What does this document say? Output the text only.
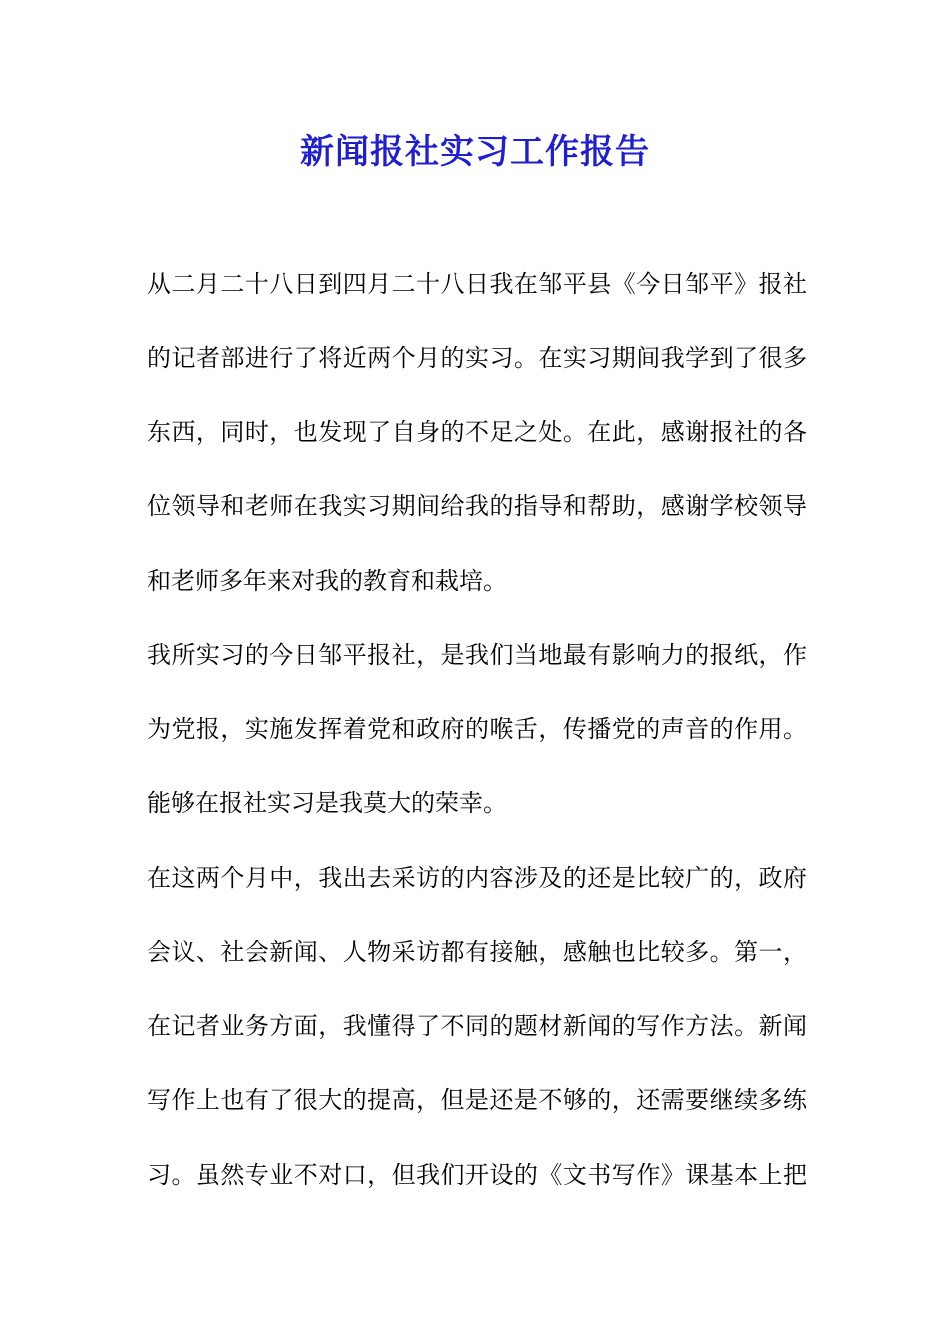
新闻报社实习工作报告
从二月二十八日到四月二十八日我在邹平县《今日邹平》报社
的记者部进行了将近两个月的实习。在实习期间我学到了很多
东西，同时，也发现了自身的不足之处。在此，感谢报社的各
位领导和老师在我实习期间给我的指导和帮助，感谢学校领导
和老师多年来对我的教育和栽培。
我所实习的今日邹平报社，是我们当地最有影响力的报纸，作
为党报，实施发挥着党和政府的喉舌，传播党的声音的作用。
能够在报社实习是我莫大的荣幸。
在这两个月中，我出去采访的内容涉及的还是比较广的，政府
会议、社会新闻、人物采访都有接触，感触也比较多。第一，
在记者业务方面，我懂得了不同的题材新闻的写作方法。新闻
写作上也有了很大的提高，但是还是不够的，还需要继续多练
习。虽然专业不对口，但我们开设的《文书写作》课基本上把
